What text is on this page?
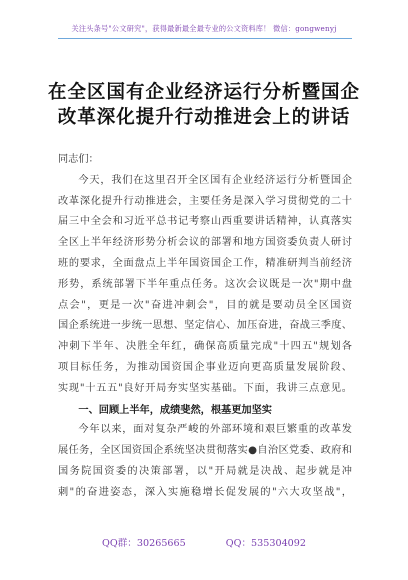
关注头条号"公文研究"，获得最新最全最专业的公文资料库！ 微信：gongwenyj
在全区国有企业经济运行分析暨国企
改革深化提升行动推进会上的讲话
同志们：
今天，我们在这里召开全区国有企业经济运行分析暨国企
改革深化提升行动推进会，主要任务是深入学习贯彻党的二十
届三中全会和习近平总书记考察山西重要讲话精神，认真落实
全区上半年经济形势分析会议的部署和地方国资委负责人研讨
班的要求，全面盘点上半年国资国企工作，精准研判当前经济
形势，系统部署下半年重点任务。这次会议既是一次"期中盘
点会"，更是一次"奋进冲刺会"，目的就是要动员全区国资
国企系统进一步统一思想、坚定信心、加压奋进，奋战三季度、
冲刺下半年、决胜全年红，确保高质量完成"十四五"规划各
项目标任务，为推动国资国企事业迈向更高质量发展阶段、
实现"十五五"良好开局夯实坚实基础。下面，我讲三点意见。
一、回顾上半年，成绩斐然，根基更加坚实
今年以来，面对复杂严峻的外部环境和艰巨繁重的改革发
展任务，全区国资国企系统坚决贯彻落实●自治区党委、政府和
国务院国资委的决策部署，以"开局就是决战、起步就是冲
刺"的奋进姿态，深入实施稳增长促发展的"六大攻坚战"，
QQ群：30265665	QQ：535304092
